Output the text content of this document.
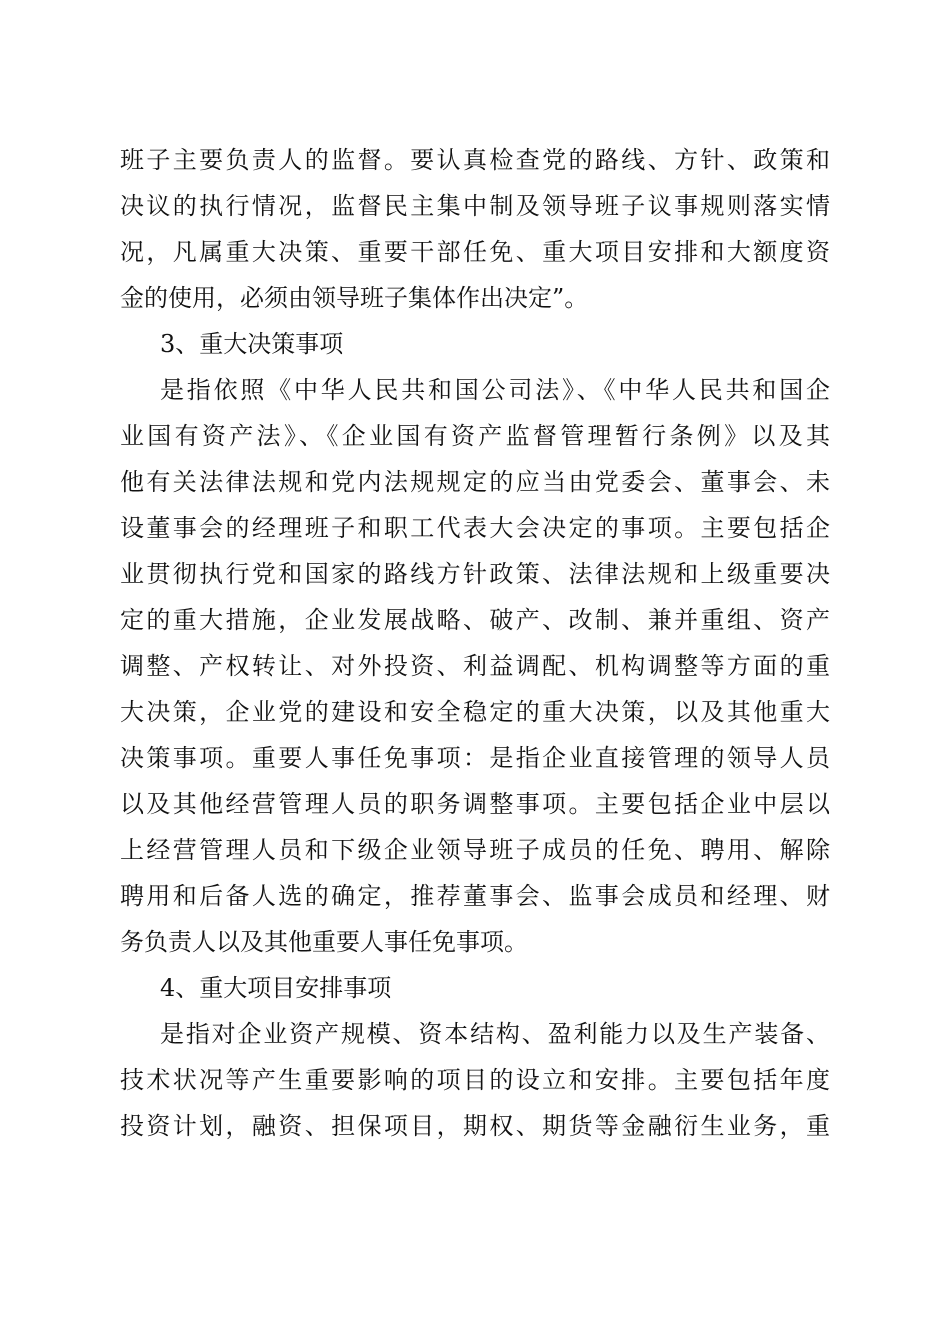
班子主要负责人的监督。要认真检查党的路线、方针、政策和
决议的执行情况，监督民主集中制及领导班子议事规则落实情
况，凡属重大决策、重要干部任免、重大项目安排和大额度资
金的使用，必须由领导班子集体作出决定”。
3、重大决策事项
是指依照《中华人民共和国公司法》、《中华人民共和国企
业国有资产法》、《企业国有资产监督管理暂行条例》以及其
他有关法律法规和党内法规规定的应当由党委会、董事会、未
设董事会的经理班子和职工代表大会决定的事项。主要包括企
业贯彻执行党和国家的路线方针政策、法律法规和上级重要决
定的重大措施，企业发展战略、破产、改制、兼并重组、资产
调整、产权转让、对外投资、利益调配、机构调整等方面的重
大决策，企业党的建设和安全稳定的重大决策，以及其他重大
决策事项。重要人事任免事项：是指企业直接管理的领导人员
以及其他经营管理人员的职务调整事项。主要包括企业中层以
上经营管理人员和下级企业领导班子成员的任免、聘用、解除
聘用和后备人选的确定，推荐董事会、监事会成员和经理、财
务负责人以及其他重要人事任免事项。
4、重大项目安排事项
是指对企业资产规模、资本结构、盈利能力以及生产装备、
技术状况等产生重要影响的项目的设立和安排。主要包括年度
投资计划，融资、担保项目，期权、期货等金融衍生业务，重
